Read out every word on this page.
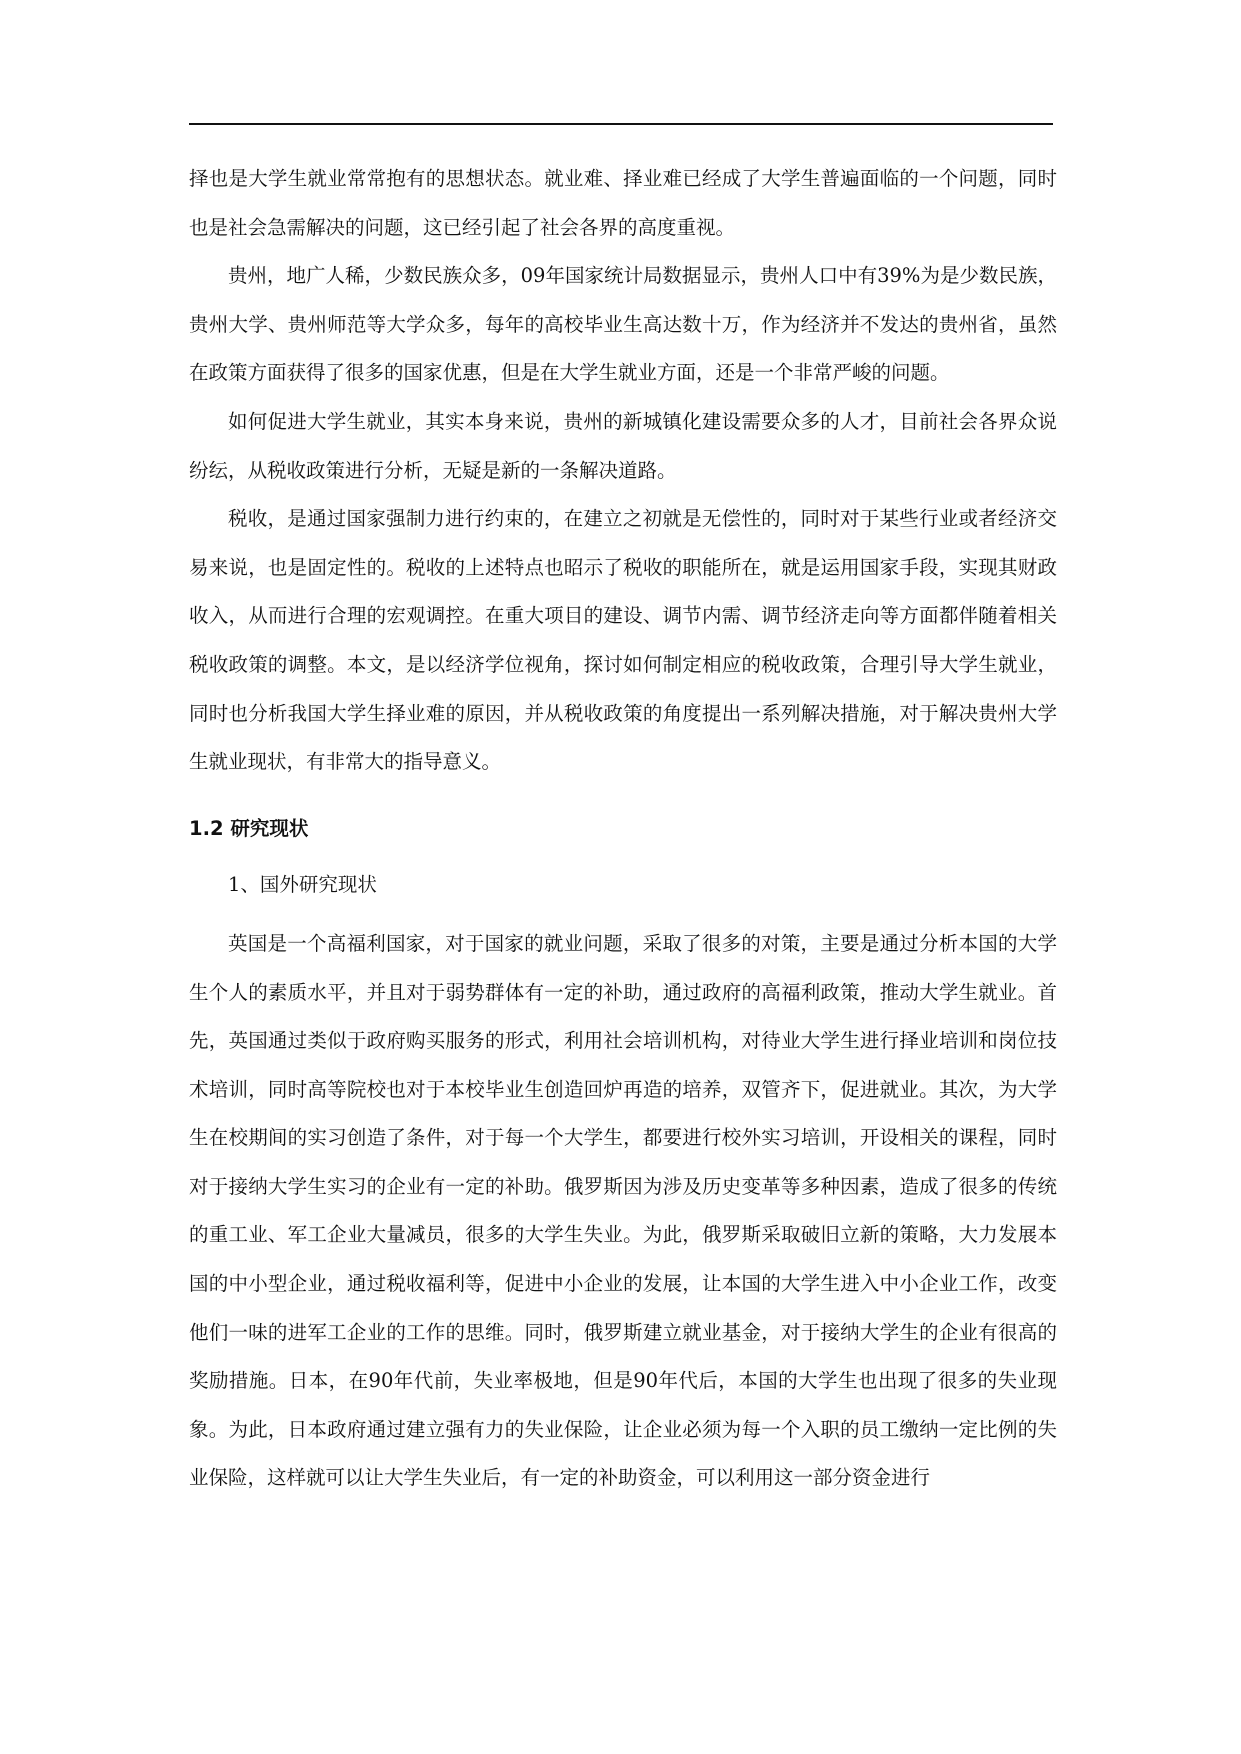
择也是大学生就业常常抱有的思想状态。就业难、择业难已经成了大学生普遍面临的一个问题，同时也是社会急需解决的问题，这已经引起了社会各界的高度重视。

贵州，地广人稀，少数民族众多，09年国家统计局数据显示，贵州人口中有39%为是少数民族，贵州大学、贵州师范等大学众多，每年的高校毕业生高达数十万，作为经济并不发达的贵州省，虽然在政策方面获得了很多的国家优惠，但是在大学生就业方面，还是一个非常严峻的问题。

如何促进大学生就业，其实本身来说，贵州的新城镇化建设需要众多的人才，目前社会各界众说纷纭，从税收政策进行分析，无疑是新的一条解决道路。

税收，是通过国家强制力进行约束的，在建立之初就是无偿性的，同时对于某些行业或者经济交易来说，也是固定性的。税收的上述特点也昭示了税收的职能所在，就是运用国家手段，实现其财政收入，从而进行合理的宏观调控。在重大项目的建设、调节内需、调节经济走向等方面都伴随着相关税收政策的调整。本文，是以经济学位视角，探讨如何制定相应的税收政策，合理引导大学生就业，同时也分析我国大学生择业难的原因，并从税收政策的角度提出一系列解决措施，对于解决贵州大学生就业现状，有非常大的指导意义。

1.2 研究现状

1、国外研究现状

英国是一个高福利国家，对于国家的就业问题，采取了很多的对策，主要是通过分析本国的大学生个人的素质水平，并且对于弱势群体有一定的补助，通过政府的高福利政策，推动大学生就业。首先，英国通过类似于政府购买服务的形式，利用社会培训机构，对待业大学生进行择业培训和岗位技术培训，同时高等院校也对于本校毕业生创造回炉再造的培养，双管齐下，促进就业。其次，为大学生在校期间的实习创造了条件，对于每一个大学生，都要进行校外实习培训，开设相关的课程，同时对于接纳大学生实习的企业有一定的补助。俄罗斯因为涉及历史变革等多种因素，造成了很多的传统的重工业、军工企业大量减员，很多的大学生失业。为此，俄罗斯采取破旧立新的策略，大力发展本国的中小型企业，通过税收福利等，促进中小企业的发展，让本国的大学生进入中小企业工作，改变他们一味的进军工企业的工作的思维。同时，俄罗斯建立就业基金，对于接纳大学生的企业有很高的奖励措施。日本，在90年代前，失业率极地，但是90年代后，本国的大学生也出现了很多的失业现象。为此，日本政府通过建立强有力的失业保险，让企业必须为每一个入职的员工缴纳一定比例的失业保险，这样就可以让大学生失业后，有一定的补助资金，可以利用这一部分资金进行
